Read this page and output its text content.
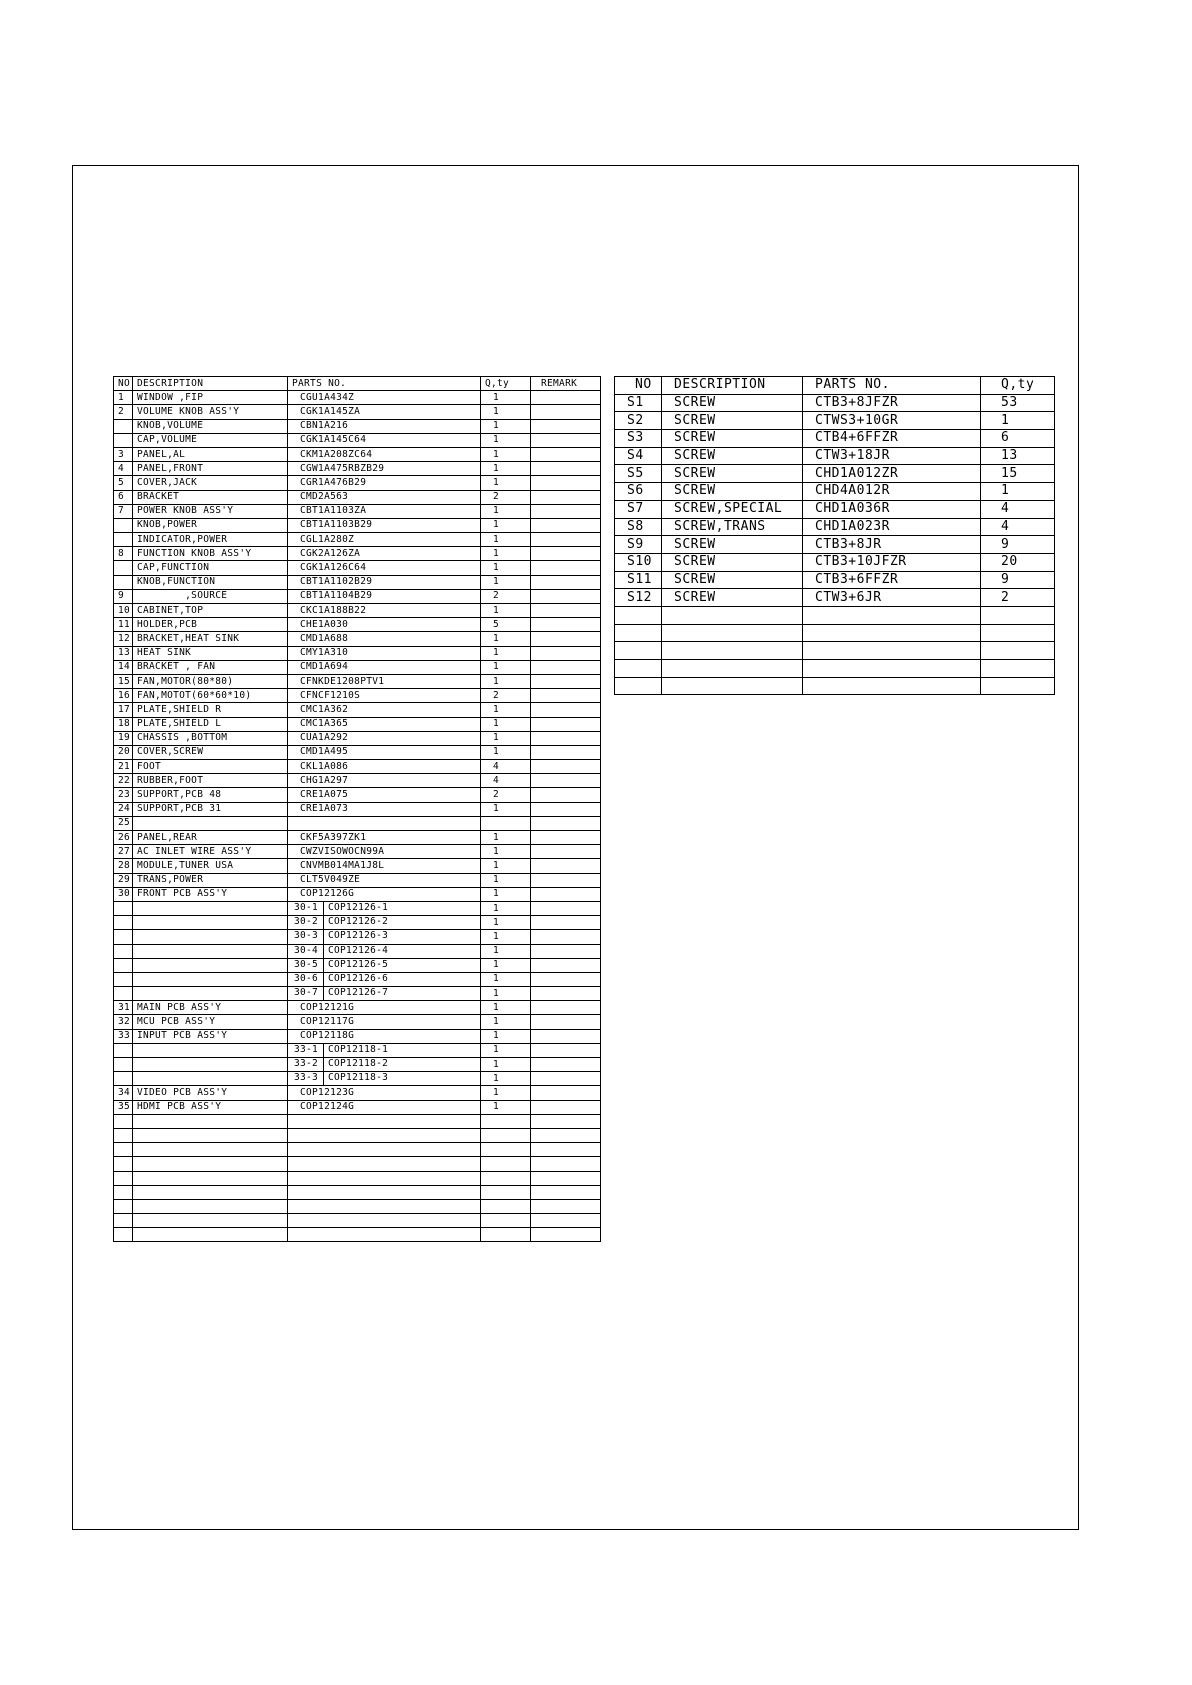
NO	DESCRIPTION	PARTS NO.	Q,ty	REMARK
1	WINDOW ,FIP	CGU1A434Z	1	
2	VOLUME KNOB ASS'Y	CGK1A145ZA	1	
	KNOB,VOLUME	CBN1A216	1	
	CAP,VOLUME	CGK1A145C64	1	
3	PANEL,AL	CKM1A208ZC64	1	
4	PANEL,FRONT	CGW1A475RBZB29	1	
5	COVER,JACK	CGR1A476B29	1	
6	BRACKET	CMD2A563	2	
7	POWER KNOB ASS'Y	CBT1A1103ZA	1	
	KNOB,POWER	CBT1A1103B29	1	
	INDICATOR,POWER	CGL1A280Z	1	
8	FUNCTION KNOB ASS'Y	CGK2A126ZA	1	
	CAP,FUNCTION	CGK1A126C64	1	
	KNOB,FUNCTION	CBT1A1102B29	1	
9	,SOURCE	CBT1A1104B29	2	
10	CABINET,TOP	CKC1A188B22	1	
11	HOLDER,PCB	CHE1A030	5	
12	BRACKET,HEAT SINK	CMD1A688	1	
13	HEAT SINK	CMY1A310	1	
14	BRACKET , FAN	CMD1A694	1	
15	FAN,MOTOR(80*80)	CFNKDE1208PTV1	1	
16	FAN,MOTOT(60*60*10)	CFNCF1210S	2	
17	PLATE,SHIELD R	CMC1A362	1	
18	PLATE,SHIELD L	CMC1A365	1	
19	CHASSIS ,BOTTOM	CUA1A292	1	
20	COVER,SCREW	CMD1A495	1	
21	FOOT	CKL1A086	4	
22	RUBBER,FOOT	CHG1A297	4	
23	SUPPORT,PCB 48	CRE1A075	2	
24	SUPPORT,PCB 31	CRE1A073	1	
25				
26	PANEL,REAR	CKF5A397ZK1	1	
27	AC INLET WIRE ASS'Y	CWZVISOWOCN99A	1	
28	MODULE,TUNER USA	CNVMB014MA1J8L	1	
29	TRANS,POWER	CLT5V049ZE	1	
30	FRONT PCB ASS'Y	COP12126G	1	

		30-1 COP12126-1	1	

		30-2 COP12126-2	1	

		30-3 COP12126-3	1	

		30-4 COP12126-4	1	

		30-5 COP12126-5	1	

		30-6 COP12126-6	1	

		30-7 COP12126-7	1	
31	MAIN PCB ASS'Y	COP12121G	1	
32	MCU PCB ASS'Y	COP12117G	1	
33	INPUT PCB ASS'Y	COP12118G	1	

		33-1 COP12118-1	1	

		33-2 COP12118-2	1	

		33-3 COP12118-3	1	
34	VIDEO PCB ASS'Y	COP12123G	1	
35	HDMI PCB ASS'Y	COP12124G	1	

NO	DESCRIPTION	PARTS NO.	Q,ty
S1	SCREW	CTB3+8JFZR	53
S2	SCREW	CTWS3+10GR	1
S3	SCREW	CTB4+6FFZR	6
S4	SCREW	CTW3+18JR	13
S5	SCREW	CHD1A012ZR	15
S6	SCREW	CHD4A012R	1
S7	SCREW,SPECIAL	CHD1A036R	4
S8	SCREW,TRANS	CHD1A023R	4
S9	SCREW	CTB3+8JR	9
S10	SCREW	CTB3+10JFZR	20
S11	SCREW	CTB3+6FFZR	9
S12	SCREW	CTW3+6JR	2
